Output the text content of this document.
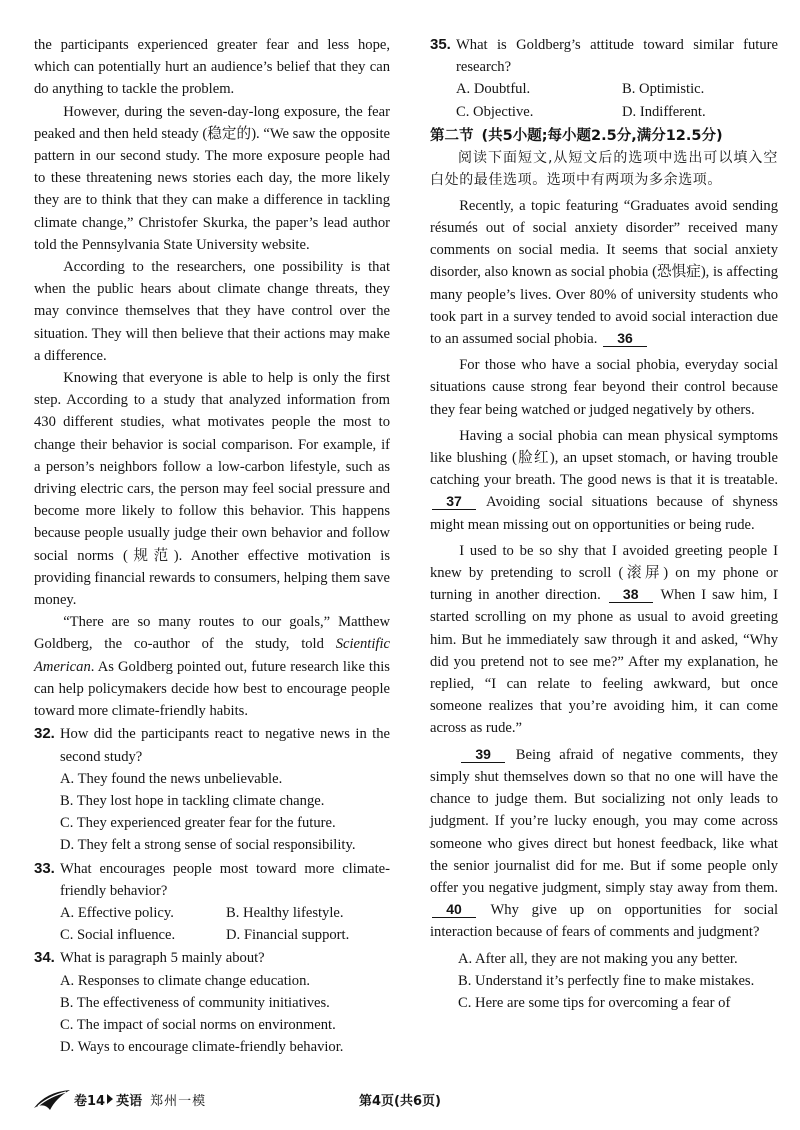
the participants experienced greater fear and less hope, which can potentially hurt an audience’s belief that they can do anything to tackle the problem.

However, during the seven-day-long exposure, the fear peaked and then held steady (稳定的). “We saw the opposite pattern in our second study. The more exposure people had to these threatening news stories each day, the more likely they are to think that they can make a difference in tackling climate change,” Christofer Skurka, the paper’s lead author told the Pennsylvania State University website.

According to the researchers, one possibility is that when the public hears about climate change threats, they may convince themselves that they have control over the situation. They will then believe that their actions may make a difference.

Knowing that everyone is able to help is only the first step. According to a study that analyzed information from 430 different studies, what motivates people the most to change their behavior is social comparison. For example, if a person’s neighbors follow a low-carbon lifestyle, such as driving electric cars, the person may feel social pressure and become more likely to follow this behavior. This happens because people usually judge their own behavior and follow social norms (规范). Another effective motivation is providing financial rewards to consumers, helping them save money.

“There are so many routes to our goals,” Matthew Goldberg, the co-author of the study, told Scientific American. As Goldberg pointed out, future research like this can help policymakers decide how best to encourage people toward more climate-friendly habits.

32. How did the participants react to negative news in the second study?

A. They found the news unbelievable.

B. They lost hope in tackling climate change.

C. They experienced greater fear for the future.

D. They felt a strong sense of social responsibility.

33. What encourages people most toward more climate-friendly behavior?

A. Effective policy.	B. Healthy lifestyle.
C. Social influence.	D. Financial support.

34. What is paragraph 5 mainly about?

A. Responses to climate change education.

B. The effectiveness of community initiatives.

C. The impact of social norms on environment.

D. Ways to encourage climate-friendly behavior.

35. What is Goldberg’s attitude toward similar future research?

A. Doubtful.	B. Optimistic.
C. Objective.	D. Indifferent.

第二节 (共5小题;每小题2.5分,满分12.5分)

阅读下面短文,从短文后的选项中选出可以填入空白处的最佳选项。选项中有两项为多余选项。

Recently, a topic featuring “Graduates avoid sending résumés out of social anxiety disorder” received many comments on social media. It seems that social anxiety disorder, also known as social phobia (恐惧症), is affecting many people’s lives. Over 80% of university students who took part in a survey tended to avoid social interaction due to an assumed social phobia. 36

For those who have a social phobia, everyday social situations cause strong fear beyond their control because they fear being watched or judged negatively by others.

Having a social phobia can mean physical symptoms like blushing (脸红), an upset stomach, or having trouble catching your breath. The good news is that it is treatable. 37 Avoiding social situations because of shyness might mean missing out on opportunities or being rude.

I used to be so shy that I avoided greeting people I knew by pretending to scroll (滚屏) on my phone or turning in another direction. 38 When I saw him, I started scrolling on my phone as usual to avoid greeting him. But he immediately saw through it and asked, “Why did you pretend not to see me?” After my explanation, he replied, “I can relate to feeling awkward, but once someone realizes that you’re avoiding him, it can come across as rude.”

39 Being afraid of negative comments, they simply shut themselves down so that no one will have the chance to judge them. But socializing not only leads to judgment. If you’re lucky enough, you may come across someone who gives direct but honest feedback, like what the senior journalist did for me. But if some people only offer you negative judgment, simply stay away from them. 40 Why give up on opportunities for social interaction because of fears of comments and judgment?

A. After all, they are not making you any better.

B. Understand it’s perfectly fine to make mistakes.

C. Here are some tips for overcoming a fear of

卷14 英语 郑州一模	第4页(共6页)
